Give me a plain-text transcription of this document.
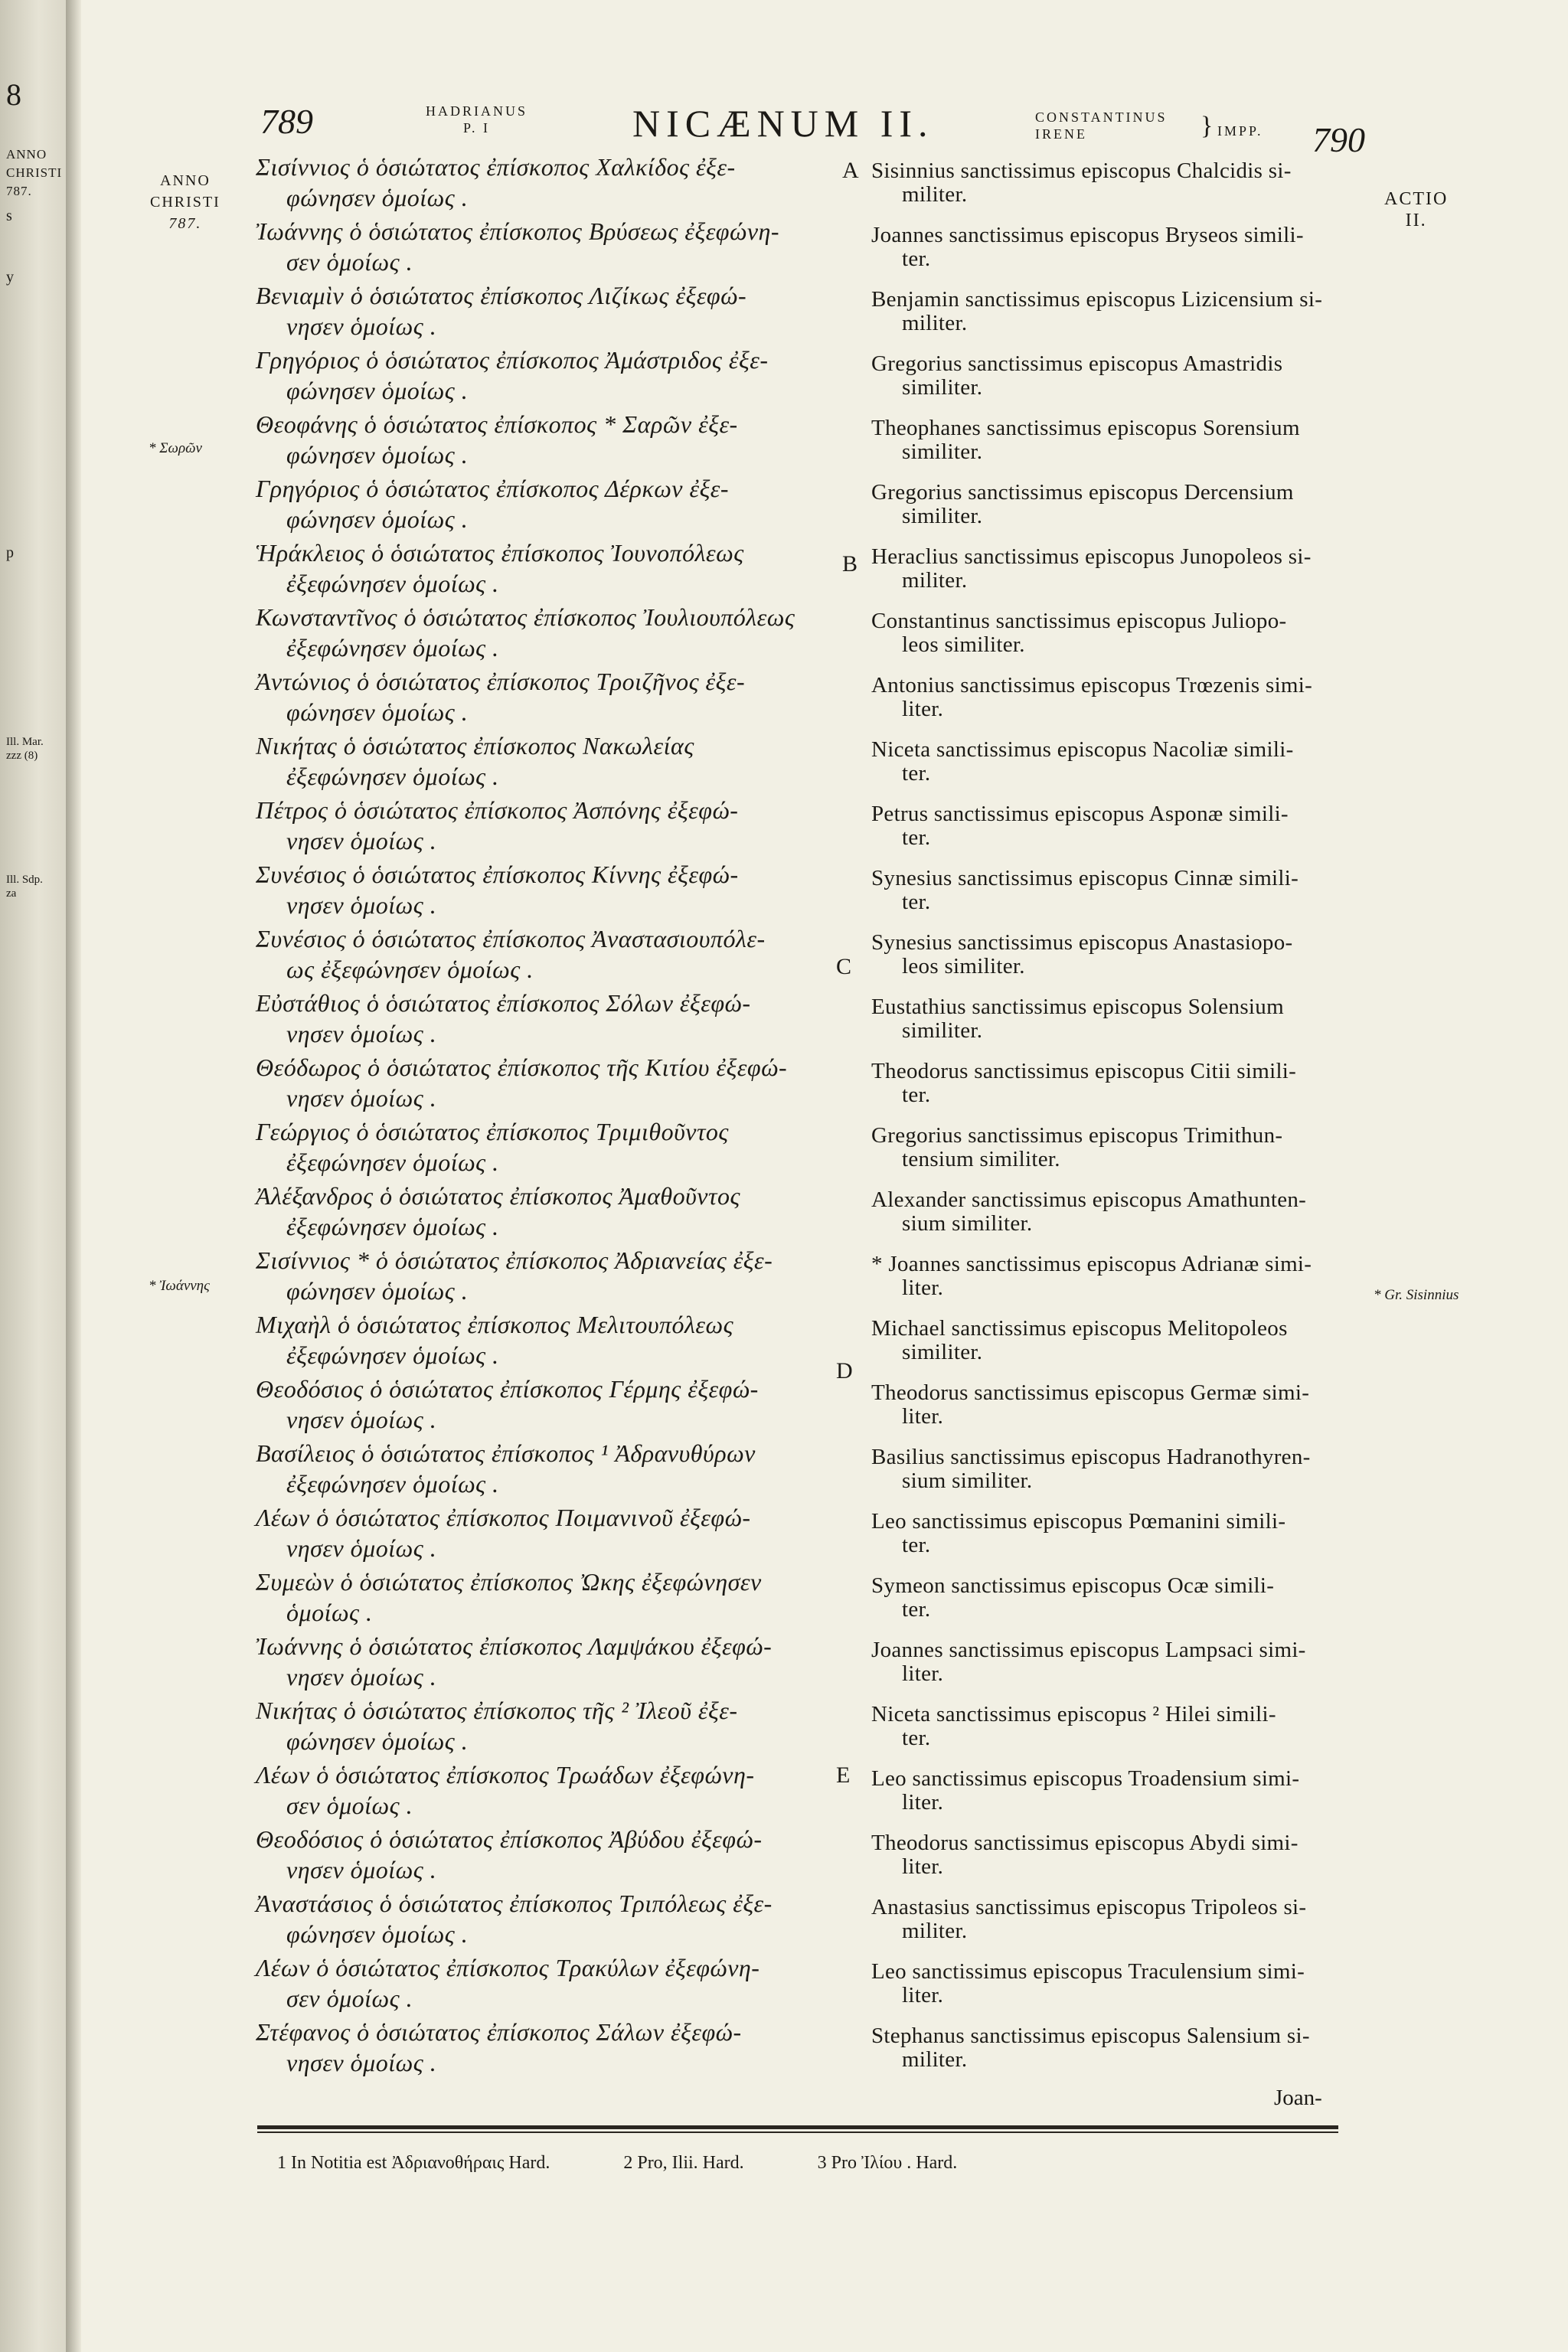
8
ANNO
CHRISTI
787.
s
y
p
Ill. Mar.
zzz (8)
Ill. Sdp.
za
789	HADRIANUS
P. I	NICÆNUM II.	CONSTANTINUS
IRENE	} IMPP. 790
ANNO
CHRISTI
787.
ACTIO
II.
* Σωρῶν
* Ἰωάννης
* Gr. Sisinnius
A
B
C
D
E
Σισίννιος ὁ ὁσιώτατος ἐπίσκοπος Χαλκίδος ἐξε-
φώνησεν ὁμοίως .
Ἰωάννης ὁ ὁσιώτατος ἐπίσκοπος Βρύσεως ἐξεφώνη-
σεν ὁμοίως .
Βενιαμὶν ὁ ὁσιώτατος ἐπίσκοπος Λιζίκως ἐξεφώ-
νησεν ὁμοίως .
Γρηγόριος ὁ ὁσιώτατος ἐπίσκοπος Ἀμάστριδος ἐξε-
φώνησεν ὁμοίως .
Θεοφάνης ὁ ὁσιώτατος ἐπίσκοπος * Σαρῶν ἐξε-
φώνησεν ὁμοίως .
Γρηγόριος ὁ ὁσιώτατος ἐπίσκοπος Δέρκων ἐξε-
φώνησεν ὁμοίως .
Ἡράκλειος ὁ ὁσιώτατος ἐπίσκοπος Ἰουνοπόλεως
ἐξεφώνησεν ὁμοίως .
Κωνσταντῖνος ὁ ὁσιώτατος ἐπίσκοπος Ἰουλιουπόλεως
ἐξεφώνησεν ὁμοίως .
Ἀντώνιος ὁ ὁσιώτατος ἐπίσκοπος Τροιζῆνος ἐξε-
φώνησεν ὁμοίως .
Νικήτας ὁ ὁσιώτατος ἐπίσκοπος Νακωλείας
ἐξεφώνησεν ὁμοίως .
Πέτρος ὁ ὁσιώτατος ἐπίσκοπος Ἀσπόνης ἐξεφώ-
νησεν ὁμοίως .
Συνέσιος ὁ ὁσιώτατος ἐπίσκοπος Κίννης ἐξεφώ-
νησεν ὁμοίως .
Συνέσιος ὁ ὁσιώτατος ἐπίσκοπος Ἀναστασιουπόλε-
ως ἐξεφώνησεν ὁμοίως .
Εὐστάθιος ὁ ὁσιώτατος ἐπίσκοπος Σόλων ἐξεφώ-
νησεν ὁμοίως .
Θεόδωρος ὁ ὁσιώτατος ἐπίσκοπος τῆς Κιτίου ἐξεφώ-
νησεν ὁμοίως .
Γεώργιος ὁ ὁσιώτατος ἐπίσκοπος Τριμιθοῦντος
ἐξεφώνησεν ὁμοίως .
Ἀλέξανδρος ὁ ὁσιώτατος ἐπίσκοπος Ἀμαθοῦντος
ἐξεφώνησεν ὁμοίως .
Σισίννιος * ὁ ὁσιώτατος ἐπίσκοπος Ἀδριανείας ἐξε-
φώνησεν ὁμοίως .
Μιχαὴλ ὁ ὁσιώτατος ἐπίσκοπος Μελιτουπόλεως
ἐξεφώνησεν ὁμοίως .
Θεοδόσιος ὁ ὁσιώτατος ἐπίσκοπος Γέρμης ἐξεφώ-
νησεν ὁμοίως .
Βασίλειος ὁ ὁσιώτατος ἐπίσκοπος ¹ Ἀδρανυθύρων
ἐξεφώνησεν ὁμοίως .
Λέων ὁ ὁσιώτατος ἐπίσκοπος Ποιμανινοῦ ἐξεφώ-
νησεν ὁμοίως .
Συμεὼν ὁ ὁσιώτατος ἐπίσκοπος Ὠκης ἐξεφώνησεν
ὁμοίως .
Ἰωάννης ὁ ὁσιώτατος ἐπίσκοπος Λαμψάκου ἐξεφώ-
νησεν ὁμοίως .
Νικήτας ὁ ὁσιώτατος ἐπίσκοπος τῆς ² Ἰλεοῦ ἐξε-
φώνησεν ὁμοίως .
Λέων ὁ ὁσιώτατος ἐπίσκοπος Τρωάδων ἐξεφώνη-
σεν ὁμοίως .
Θεοδόσιος ὁ ὁσιώτατος ἐπίσκοπος Ἀβύδου ἐξεφώ-
νησεν ὁμοίως .
Ἀναστάσιος ὁ ὁσιώτατος ἐπίσκοπος Τριπόλεως ἐξε-
φώνησεν ὁμοίως .
Λέων ὁ ὁσιώτατος ἐπίσκοπος Τρακύλων ἐξεφώνη-
σεν ὁμοίως .
Στέφανος ὁ ὁσιώτατος ἐπίσκοπος Σάλων ἐξεφώ-
νησεν ὁμοίως .
Sisinnius sanctissimus episcopus Chalcidis si-
militer.
Joannes sanctissimus episcopus Bryseos simili-
ter.
Benjamin sanctissimus episcopus Lizicensium si-
militer.
Gregorius sanctissimus episcopus Amastridis
similiter.
Theophanes sanctissimus episcopus Sorensium
similiter.
Gregorius sanctissimus episcopus Dercensium
similiter.
Heraclius sanctissimus episcopus Junopoleos si-
militer.
Constantinus sanctissimus episcopus Juliopo-
leos similiter.
Antonius sanctissimus episcopus Trœzenis simi-
liter.
Niceta sanctissimus episcopus Nacoliæ simili-
ter.
Petrus sanctissimus episcopus Asponæ simili-
ter.
Synesius sanctissimus episcopus Cinnæ simili-
ter.
Synesius sanctissimus episcopus Anastasiopo-
leos similiter.
Eustathius sanctissimus episcopus Solensium
similiter.
Theodorus sanctissimus episcopus Citii simili-
ter.
Gregorius sanctissimus episcopus Trimithun-
tensium similiter.
Alexander sanctissimus episcopus Amathunten-
sium similiter.
* Joannes sanctissimus episcopus Adrianæ simi-
liter.
Michael sanctissimus episcopus Melitopoleos
similiter.
Theodorus sanctissimus episcopus Germæ simi-
liter.
Basilius sanctissimus episcopus Hadranothyren-
sium similiter.
Leo sanctissimus episcopus Pœmanini simili-
ter.
Symeon sanctissimus episcopus Ocæ simili-
ter.
Joannes sanctissimus episcopus Lampsaci simi-
liter.
Niceta sanctissimus episcopus ² Hilei simili-
ter.
Leo sanctissimus episcopus Troadensium simi-
liter.
Theodorus sanctissimus episcopus Abydi simi-
liter.
Anastasius sanctissimus episcopus Tripoleos si-
militer.
Leo sanctissimus episcopus Traculensium simi-
liter.
Stephanus sanctissimus episcopus Salensium si-
militer.
Joan-
1 In Notitia est Ἀδριανοθήραις Hard.	2 Pro, Ilii. Hard.	3 Pro Ἰλίου . Hard.
